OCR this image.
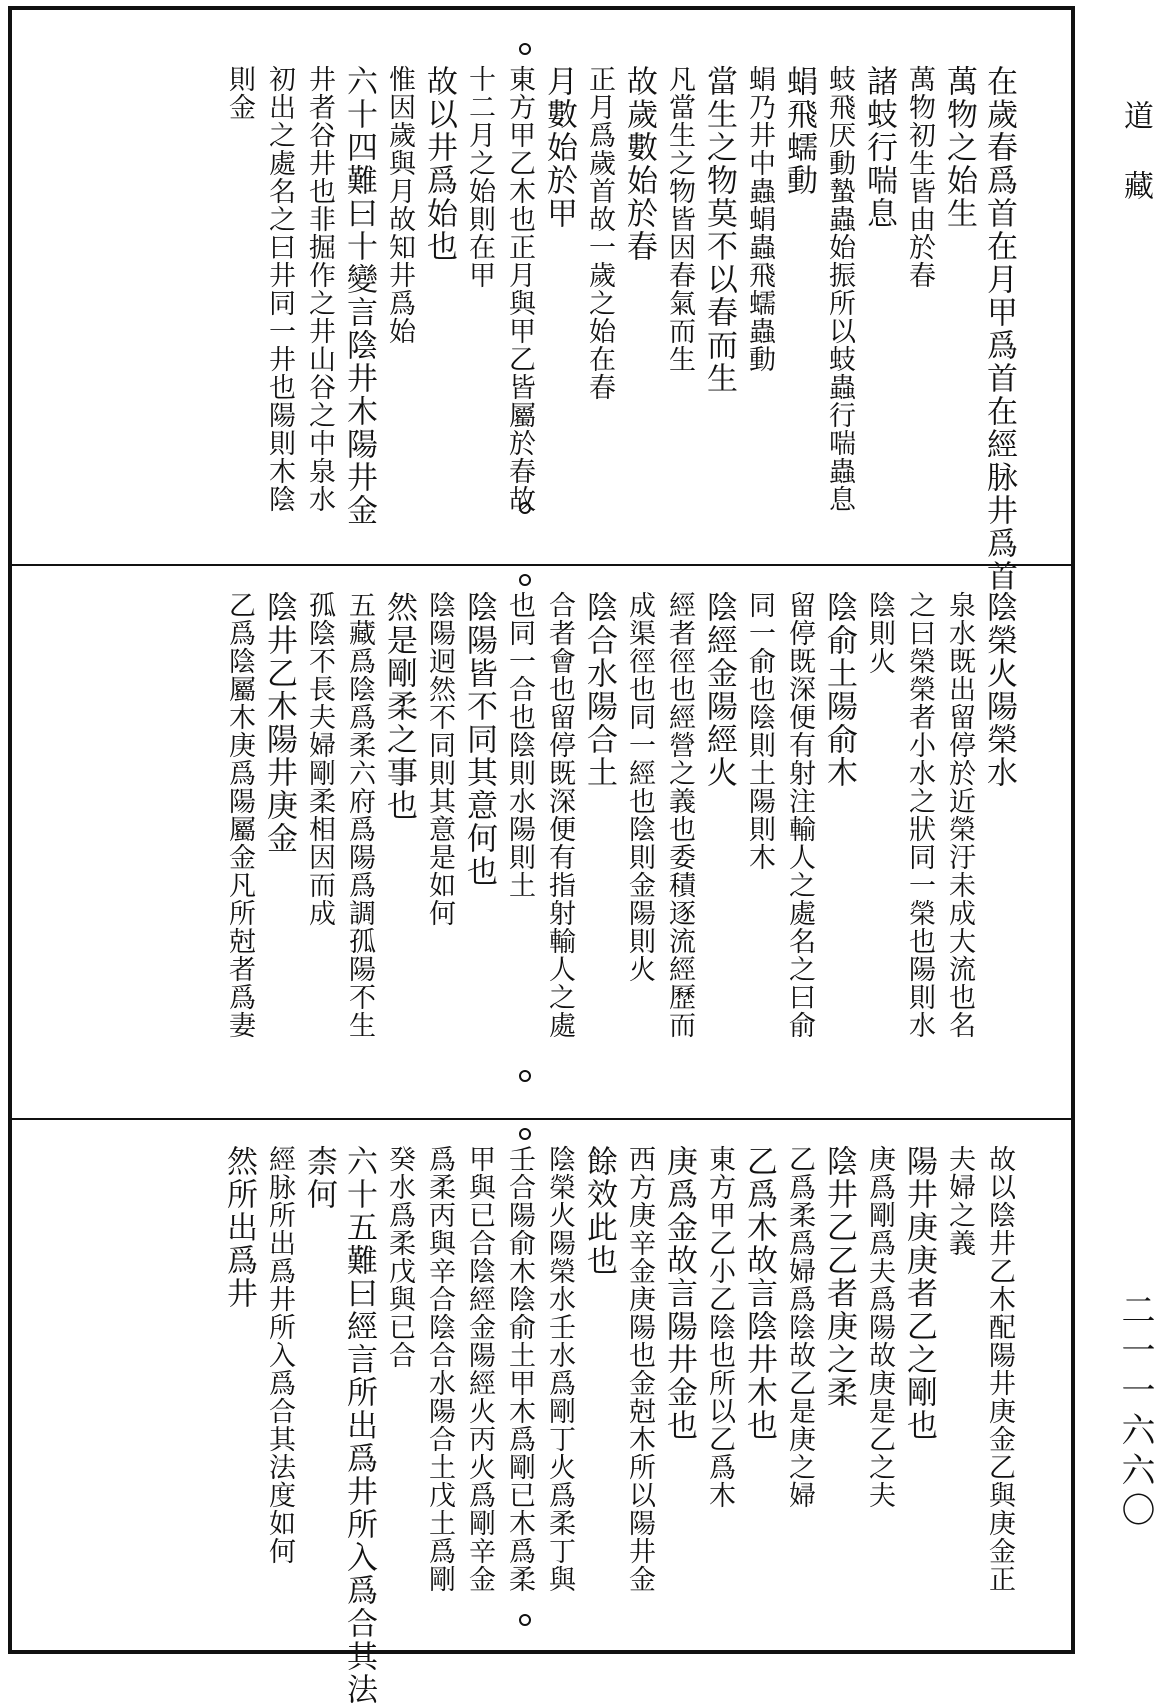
道藏
二一一六六〇
在歲春爲首在月甲爲首在經脉井爲首
萬物之始生
萬物初生皆由於春
諸蚑行喘息
蚑飛厌動蟄蟲始振所以蚑蟲行喘蟲息
蜎飛蠕動
蜎乃井中蟲蜎蟲飛蠕蟲動
當生之物莫不以春而生
凡當生之物皆因春氣而生
故歲數始於春
正月爲歲首故一歲之始在春
月數始於甲
東方甲乙木也正月與甲乙皆屬於春故
十二月之始則在甲
故以井爲始也
惟因歲與月故知井爲始
六十四難曰十變言陰井木陽井金
井者谷井也非掘作之井山谷之中泉水
初出之處名之曰井同一井也陽則木陰
則金
陰榮火陽榮水
泉水既出留停於近榮汙未成大流也名
之曰榮榮者小水之狀同一榮也陽則水
陰則火
陰俞土陽俞木
留停既深便有射注輸人之處名之曰俞
同一俞也陰則土陽則木
陰經金陽經火
經者徑也經營之義也委積逐流經歷而
成渠徑也同一經也陰則金陽則火
陰合水陽合土
合者會也留停既深便有指射輸人之處
也同一合也陰則水陽則土
陰陽皆不同其意何也
陰陽迥然不同則其意是如何
然是剛柔之事也
五藏爲陰爲柔六府爲陽爲調孤陽不生
孤陰不長夫婦剛柔相因而成
陰井乙木陽井庚金
乙爲陰屬木庚爲陽屬金凡所尅者爲妻
故以陰井乙木配陽井庚金乙與庚金正
夫婦之義
陽井庚庚者乙之剛也
庚爲剛爲夫爲陽故庚是乙之夫
陰井乙乙者庚之柔
乙爲柔爲婦爲陰故乙是庚之婦
乙爲木故言陰井木也
東方甲乙小乙陰也所以乙爲木
庚爲金故言陽井金也
西方庚辛金庚陽也金尅木所以陽井金
餘效此也
陰榮火陽榮水壬水爲剛丁火爲柔丁與
壬合陽俞木陰俞土甲木爲剛已木爲柔
甲與已合陰經金陽經火丙火爲剛辛金
爲柔丙與辛合陰合水陽合土戊土爲剛
癸水爲柔戊與已合
六十五難曰經言所出爲井所入爲合其法
柰何
經脉所出爲井所入爲合其法度如何
然所出爲井
